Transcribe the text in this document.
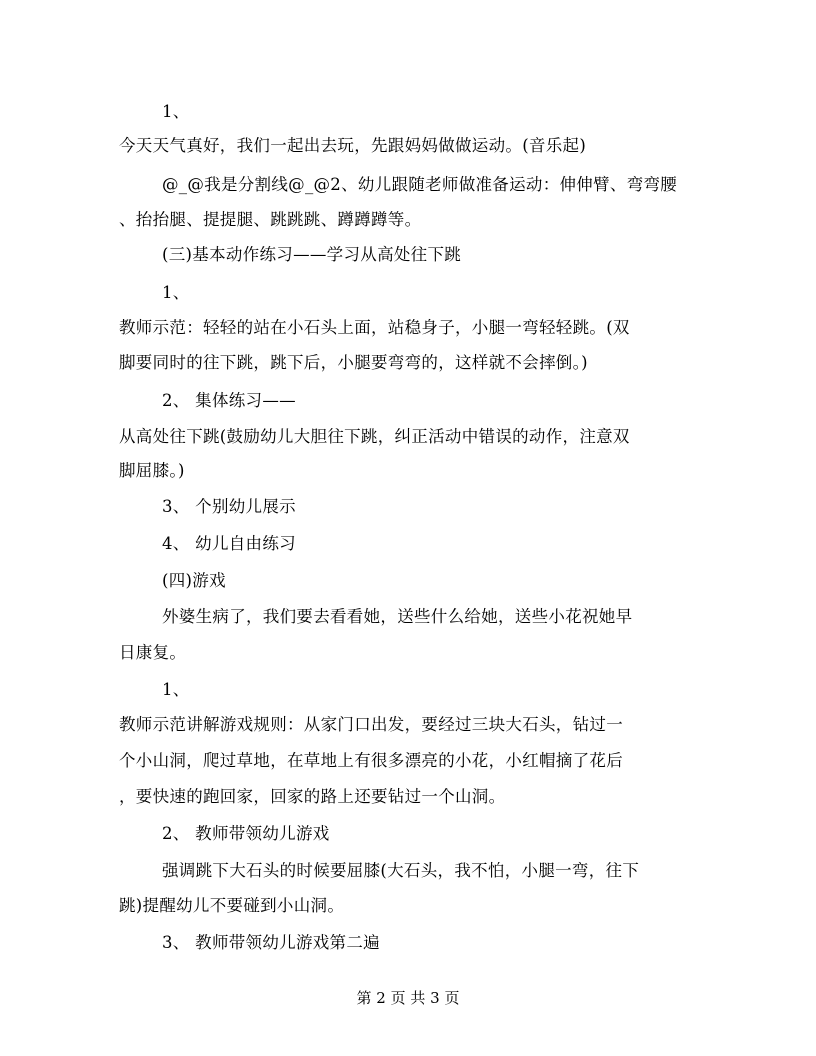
1、
今天天气真好，我们一起出去玩，先跟妈妈做做运动。(音乐起)
@_@我是分割线@_@2、幼儿跟随老师做准备运动：伸伸臂、弯弯腰
、抬抬腿、提提腿、跳跳跳、蹲蹲蹲等。
(三)基本动作练习——学习从高处往下跳
1、
教师示范：轻轻的站在小石头上面，站稳身子，小腿一弯轻轻跳。(双
脚要同时的往下跳，跳下后，小腿要弯弯的，这样就不会摔倒。)
2、 集体练习——
从高处往下跳(鼓励幼儿大胆往下跳，纠正活动中错误的动作，注意双
脚屈膝。)
3、 个别幼儿展示
4、 幼儿自由练习
(四)游戏
外婆生病了，我们要去看看她，送些什么给她，送些小花祝她早
日康复。
1、
教师示范讲解游戏规则：从家门口出发，要经过三块大石头，钻过一
个小山洞，爬过草地，在草地上有很多漂亮的小花，小红帽摘了花后
，要快速的跑回家，回家的路上还要钻过一个山洞。
2、 教师带领幼儿游戏
强调跳下大石头的时候要屈膝(大石头，我不怕，小腿一弯，往下
跳)提醒幼儿不要碰到小山洞。
3、 教师带领幼儿游戏第二遍
第 2 页 共 3 页
